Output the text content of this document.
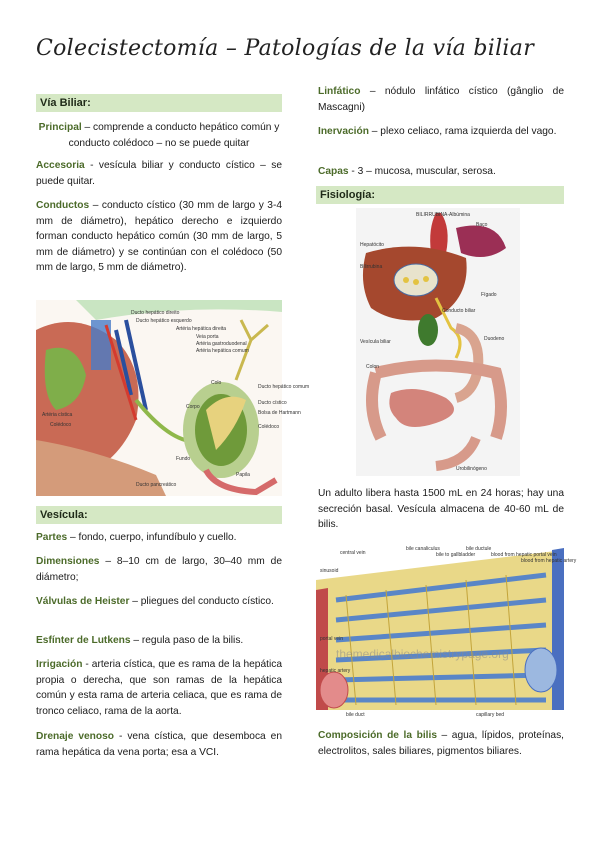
Colecistectomía – Patologías de la vía biliar
Vía Biliar:
Principal – comprende a conducto hepático común y conducto colédoco – no se puede quitar
Accesoria - vesícula biliar y conducto cístico – se puede quitar.
Conductos – conducto cístico (30 mm de largo y 3-4 mm de diámetro), hepático derecho e izquierdo forman conducto hepático común (30 mm de largo, 5 mm de diámetro) y se continúan con el colédoco (50 mm de largo, 5 mm de diámetro).
Ducto hepático direito
Ducto hepático esquerdo
Artéria hepática direita
Veia porta
Artéria gastroduodenal
Artéria hepática comum
Colo
Ducto hepático comum
Ducto cístico
Corpo
Bolsa de Hartmann
Colédoco
Fundo
Ducto pancreático
Papila
Artéria cística
Colédoco
Vesícula:
Partes – fondo, cuerpo, infundíbulo y cuello.
Dimensiones – 8–10 cm de largo, 30–40 mm de diámetro;
Válvulas de Heister – pliegues del conducto cístico.
Esfínter de Lutkens – regula paso de la bilis.
Irrigación - arteria cística, que es rama de la hepática propia o derecha, que son ramas de la hepática común y esta rama de arteria celiaca, que es rama de tronco celiaco, rama de la aorta.
Drenaje venoso - vena cística, que desemboca en rama hepática da vena porta; esa a VCI.
Linfático – nódulo linfático cístico (gânglio de Mascagni)
Inervación – plexo celiaco, rama izquierda del vago.
Capas - 3 – mucosa, muscular, serosa.
Fisiología:
BILIRRUBINA-Albúmina
Baço
Hepatócito
Bilirrubina
Fígado
Conducto biliar
Duodeno
Vesícula biliar
Colon
Urobilinógeno
Un adulto libera hasta 1500 mL en 24 horas; hay una secreción basal. Vesícula almacena de 40-60 mL de bilis.
themedicalbiochemistrypage.org
central vein
bile canaliculus
bile to gallbladder
bile ductule
blood from hepatic portal vein
blood from hepatic artery
sinusoid
portal vein
hepatic artery
bile duct	capillary bed
Composición de la bilis – agua, lípidos, proteínas, electrolitos, sales biliares, pigmentos biliares.
